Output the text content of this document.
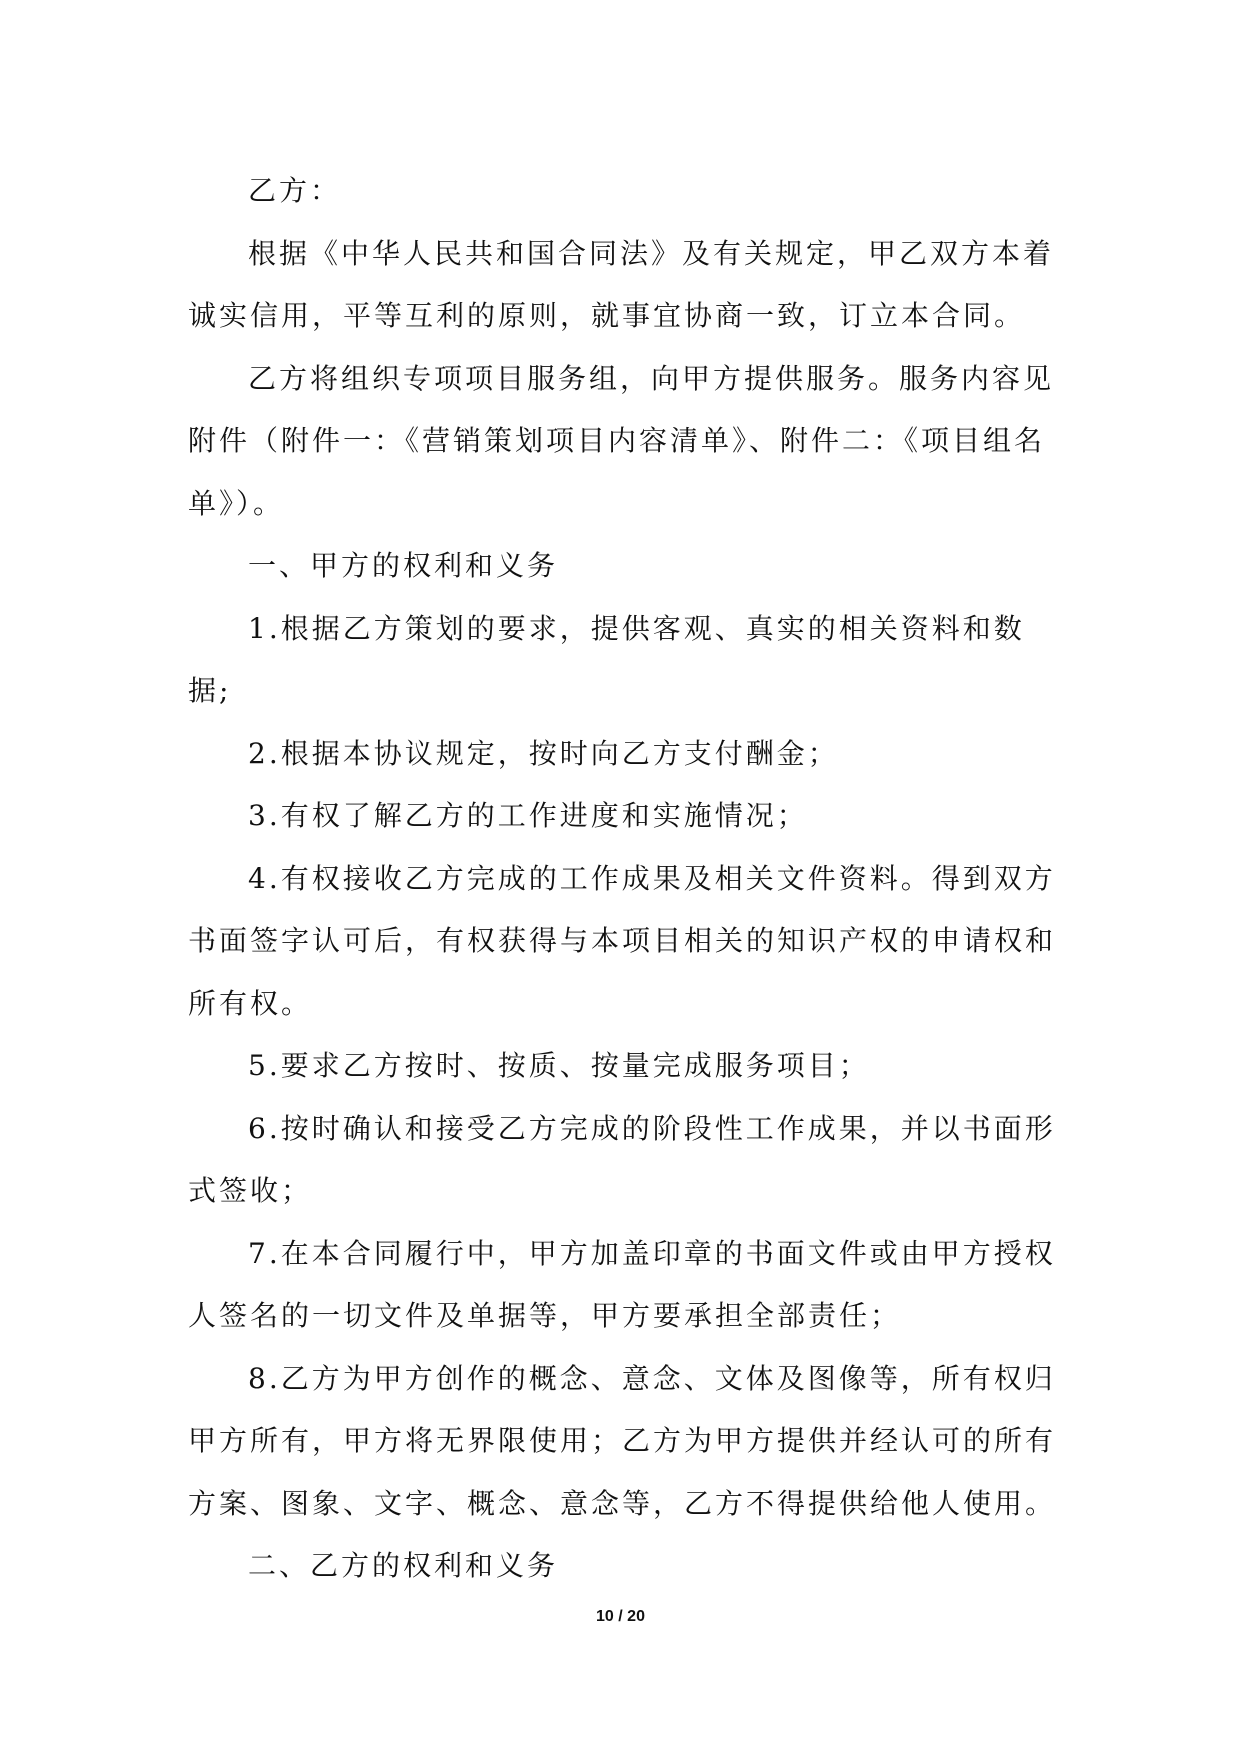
乙方：

根据《中华人民共和国合同法》及有关规定，甲乙双方本着诚实信用，平等互利的原则，就事宜协商一致，订立本合同。

乙方将组织专项项目服务组，向甲方提供服务。服务内容见附件（附件一：《营销策划项目内容清单》、附件二：《项目组名单》）。

一、甲方的权利和义务

1.根据乙方策划的要求，提供客观、真实的相关资料和数据;

2.根据本协议规定，按时向乙方支付酬金；

3.有权了解乙方的工作进度和实施情况；

4.有权接收乙方完成的工作成果及相关文件资料。得到双方书面签字认可后，有权获得与本项目相关的知识产权的申请权和所有权。

5.要求乙方按时、按质、按量完成服务项目；

6.按时确认和接受乙方完成的阶段性工作成果，并以书面形式签收；

7.在本合同履行中，甲方加盖印章的书面文件或由甲方授权人签名的一切文件及单据等，甲方要承担全部责任；

8.乙方为甲方创作的概念、意念、文体及图像等，所有权归甲方所有，甲方将无界限使用；乙方为甲方提供并经认可的所有方案、图象、文字、概念、意念等，乙方不得提供给他人使用。

二、乙方的权利和义务

10 / 20
